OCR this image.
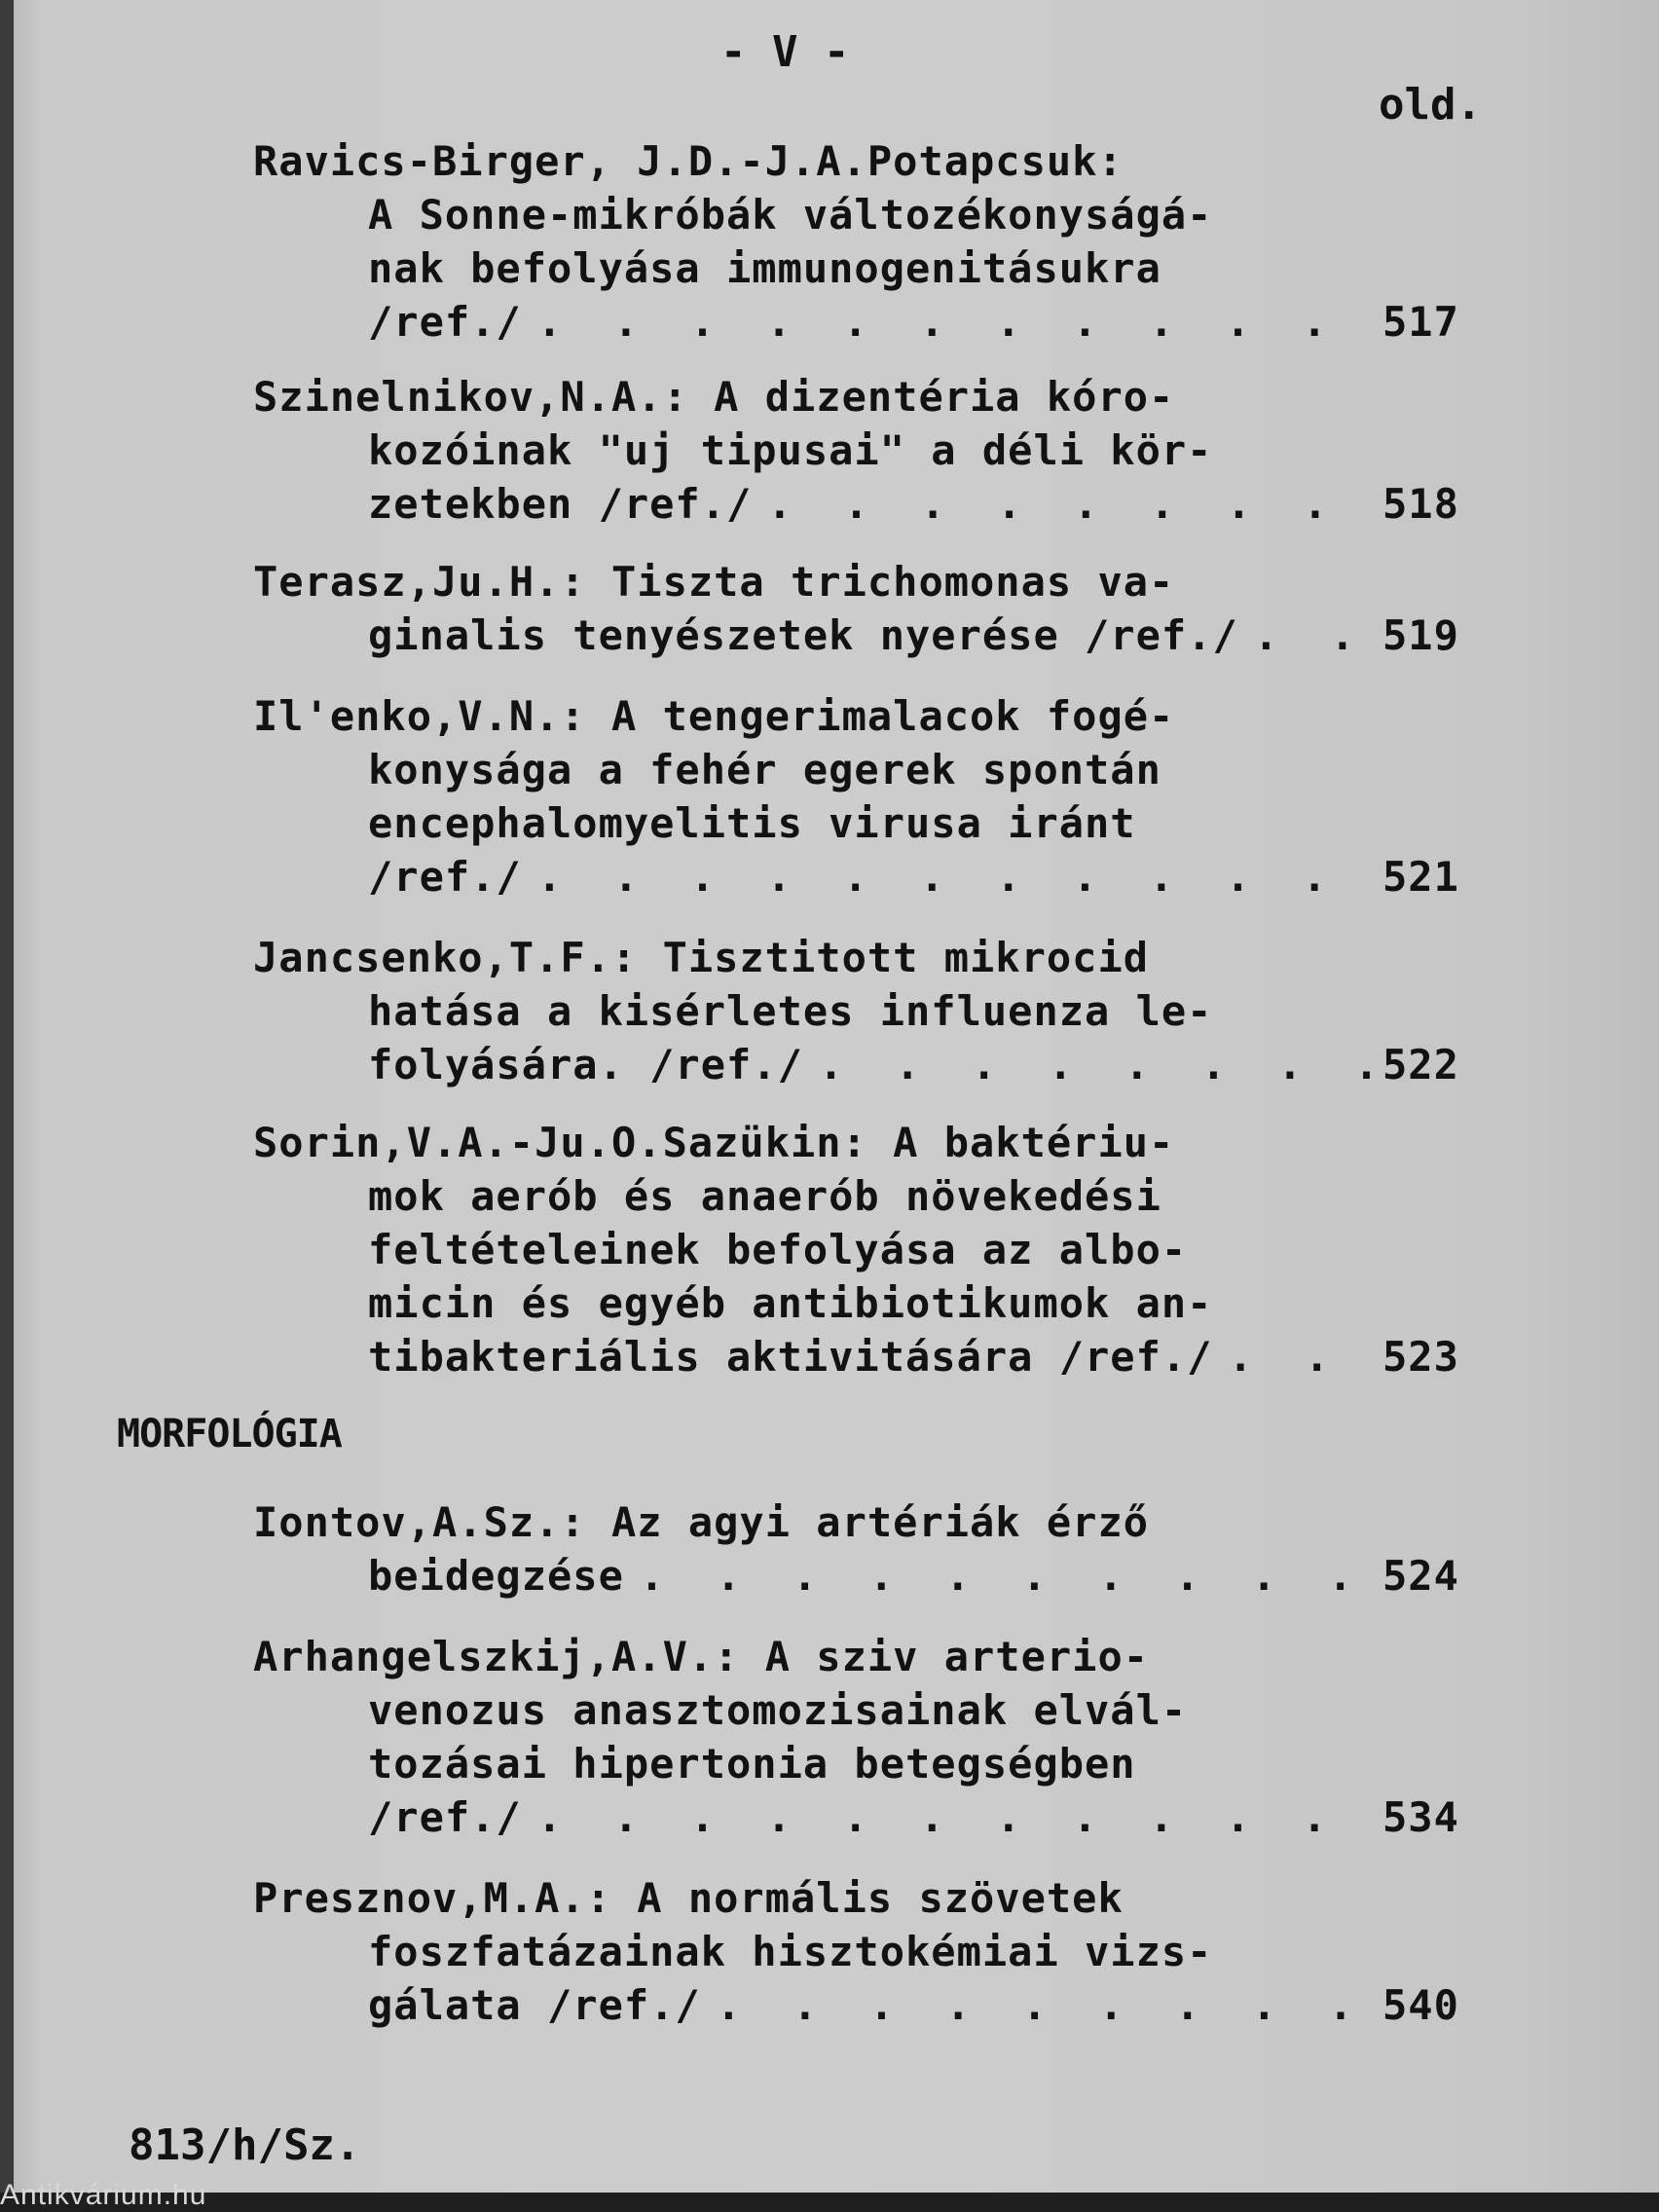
- V -
old.
Ravics-Birger, J.D.-J.A.Potapcsuk:
A Sonne-mikróbák változékonyságá-
nak befolyása immunogenitásukra
/ref./ . . .	517
Szinelnikov,N.A.: A dizentéria kóro-
kozóinak "uj tipusai" a déli kör-
zetekben /ref./ . . .	518
Terasz,Ju.H.: Tiszta trichomonas va-
ginalis tenyészetek nyerése /ref./ . . .	519
Il'enko,V.N.: A tengerimalacok fogé-
konysága a fehér egerek spontán
encephalomyelitis virusa iránt
/ref./ . . .	521
Jancsenko,T.F.: Tisztitott mikrocid
hatása a kisérletes influenza le-
folyására. /ref./ . . .	522
Sorin,V.A.-Ju.O.Sazükin: A baktériu-
mok aerób és anaerób növekedési
feltételeinek befolyása az albo-
micin és egyéb antibiotikumok an-
tibakteriális aktivitására /ref./ . . .	523
MORFOLÓGIA
Iontov,A.Sz.: Az agyi artériák érző
beidegzése . . .	524
Arhangelszkij,A.V.: A sziv arterio-
venozus anasztomozisainak elvál-
tozásai hipertonia betegségben
/ref./ . . .	534
Presznov,M.A.: A normális szövetek
foszfatázainak hisztokémiai vizs-
gálata /ref./ . . .	540
813/h/Sz.
Antikvárium.hu
